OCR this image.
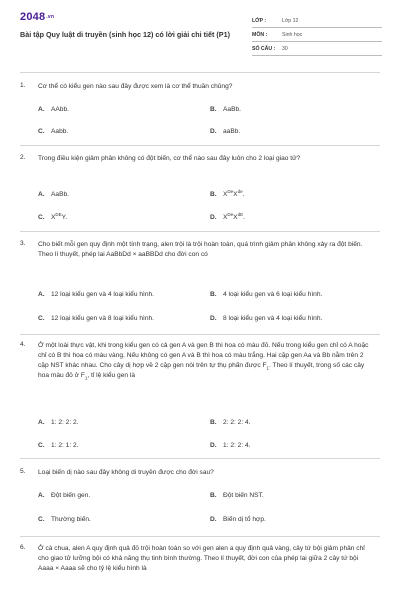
2048.vn
Bài tập Quy luật di truyền (sinh học 12) có lời giải chi tiết (P1)
LỚP :	Lớp 12
MÔN :	Sinh học
SỐ CÂU : 30
1. Cơ thể có kiểu gen nào sau đây được xem là cơ thể thuần chủng?
A. AAbb.	B. AaBb.
C. Aabb.	D. aaBb.
2. Trong điều kiện giảm phân không có đột biến, cơ thể nào sau đây luôn cho 2 loại giao tử?
A. AaBb.	B. XDeXde.
C. XDEY.	D. XDeXdE.
3. Cho biết mỗi gen quy định một tính trạng, alen trội là trội hoàn toàn, quá trình giảm phân không xảy ra đột biến. Theo lí thuyết, phép lai AaBbDd × aaBBDd cho đời con có
A. 12 loại kiểu gen và 4 loại kiểu hình.	B. 4 loại kiểu gen và 6 loại kiểu hình.
C. 12 loại kiểu gen và 8 loại kiểu hình.	D. 8 loại kiểu gen và 4 loại kiểu hình.
4. Ở một loài thực vật, khi trong kiểu gen có cả gen A và gen B thì hoa có màu đỏ. Nếu trong kiểu gen chỉ có A hoặc chỉ có B thì hoa có màu vàng. Nếu không có gen A và B thì hoa có màu trắng. Hai cặp gen Aa và Bb nằm trên 2 cặp NST khác nhau. Cho cây dị hợp về 2 cặp gen nói trên tự thụ phấn được $F_1$. Theo lí thuyết, trong số các cây hoa màu đỏ ở $F_1$, tỉ lệ kiểu gen là
A. 1: 2: 2: 2.	B. 2: 2: 2: 4.
C. 1: 2: 1: 2.	D. 1: 2: 2: 4.
5. Loại biến dị nào sau đây không di truyền được cho đời sau?
A. Đột biến gen.	B. Đột biến NST.
C. Thường biến.	D. Biến dị tổ hợp.
6. Ở cà chua, alen A quy định quả đỏ trội hoàn toàn so với gen alen a quy định quả vàng, cây tứ bội giảm phân chỉ cho giao tử lưỡng bội có khả năng thụ tinh bình thường. Theo lí thuyết, đời con của phép lai giữa 2 cây tứ bội Aaaa × Aaaa sẽ cho tỷ lệ kiểu hình là
